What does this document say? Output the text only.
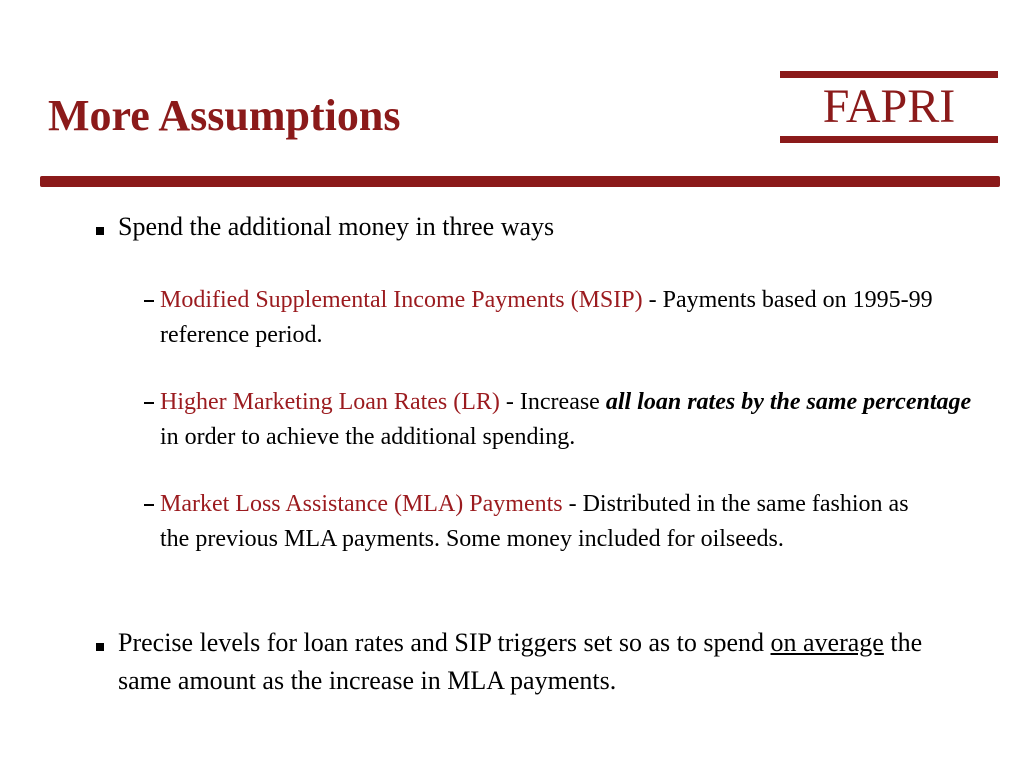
More Assumptions	FAPRI
Spend the additional money in three ways
Modified Supplemental Income Payments (MSIP) - Payments based on 1995-99 reference period.
Higher Marketing Loan Rates (LR) - Increase all loan rates by the same percentage in order to achieve the additional spending.
Market Loss Assistance (MLA) Payments - Distributed in the same fashion as the previous MLA payments. Some money included for oilseeds.
Precise levels for loan rates and SIP triggers set so as to spend on average the same amount as the increase in MLA payments.
